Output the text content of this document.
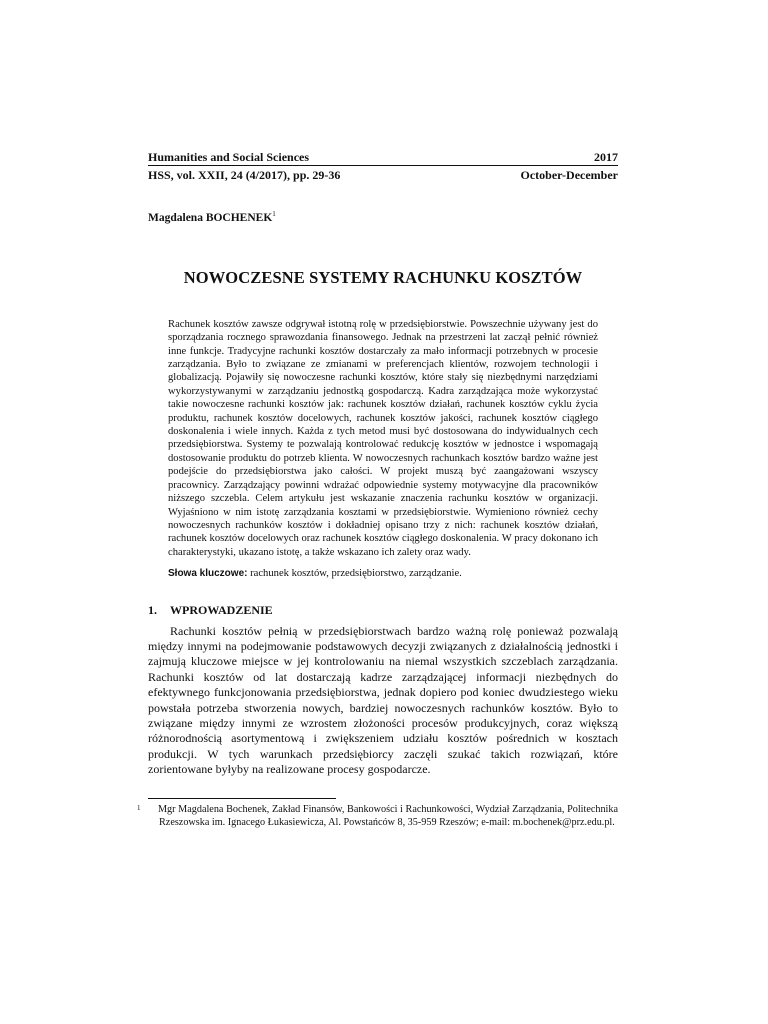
Humanities and Social Sciences	2017
HSS, vol. XXII, 24 (4/2017), pp. 29-36	October-December
Magdalena BOCHENEK$^1$
NOWOCZESNE SYSTEMY RACHUNKU KOSZTÓW
Rachunek kosztów zawsze odgrywał istotną rolę w przedsiębiorstwie. Powszechnie używany jest do sporządzania rocznego sprawozdania finansowego. Jednak na przestrzeni lat zaczął pełnić również inne funkcje. Tradycyjne rachunki kosztów dostarczały za mało informacji potrzebnych w procesie zarządzania. Było to związane ze zmianami w preferencjach klientów, rozwojem technologii i globalizacją. Pojawiły się nowoczesne rachunki kosztów, które stały się niezbędnymi narzędziami wykorzystywanymi w zarządzaniu jednostką gospodarczą. Kadra zarządzająca może wykorzystać takie nowoczesne rachunki kosztów jak: rachunek kosztów działań, rachunek kosztów cyklu życia produktu, rachunek kosztów docelowych, rachunek kosztów jakości, rachunek kosztów ciągłego doskonalenia i wiele innych. Każda z tych metod musi być dostosowana do indywidualnych cech przedsiębiorstwa. Systemy te pozwalają kontrolować redukcję kosztów w jednostce i wspomagają dostosowanie produktu do potrzeb klienta. W nowoczesnych rachunkach kosztów bardzo ważne jest podejście do przedsiębiorstwa jako całości. W projekt muszą być zaangażowani wszyscy pracownicy. Zarządzający powinni wdrażać odpowiednie systemy motywacyjne dla pracowników niższego szczebla. Celem artykułu jest wskazanie znaczenia rachunku kosztów w organizacji. Wyjaśniono w nim istotę zarządzania kosztami w przedsiębiorstwie. Wymieniono również cechy nowoczesnych rachunków kosztów i dokładniej opisano trzy z nich: rachunek kosztów działań, rachunek kosztów docelowych oraz rachunek kosztów ciągłego doskonalenia. W pracy dokonano ich charakterystyki, ukazano istotę, a także wskazano ich zalety oraz wady.
Słowa kluczowe: rachunek kosztów, przedsiębiorstwo, zarządzanie.
1. WPROWADZENIE
Rachunki kosztów pełnią w przedsiębiorstwach bardzo ważną rolę ponieważ pozwalają między innymi na podejmowanie podstawowych decyzji związanych z działalnością jednostki i zajmują kluczowe miejsce w jej kontrolowaniu na niemal wszystkich szczeblach zarządzania. Rachunki kosztów od lat dostarczają kadrze zarządzającej informacji niezbędnych do efektywnego funkcjonowania przedsiębiorstwa, jednak dopiero pod koniec dwudziestego wieku powstała potrzeba stworzenia nowych, bardziej nowoczesnych rachunków kosztów. Było to związane między innymi ze wzrostem złożoności procesów produkcyjnych, coraz większą różnorodnością asortymentową i zwiększeniem udziału kosztów pośrednich w kosztach produkcji. W tych warunkach przedsiębiorcy zaczęli szukać takich rozwiązań, które zorientowane byłyby na realizowane procesy gospodarcze.
$^1$ Mgr Magdalena Bochenek, Zakład Finansów, Bankowości i Rachunkowości, Wydział Zarządzania, Politechnika Rzeszowska im. Ignacego Łukasiewicza, Al. Powstańców 8, 35-959 Rzeszów; e-mail: m.bochenek@prz.edu.pl.
